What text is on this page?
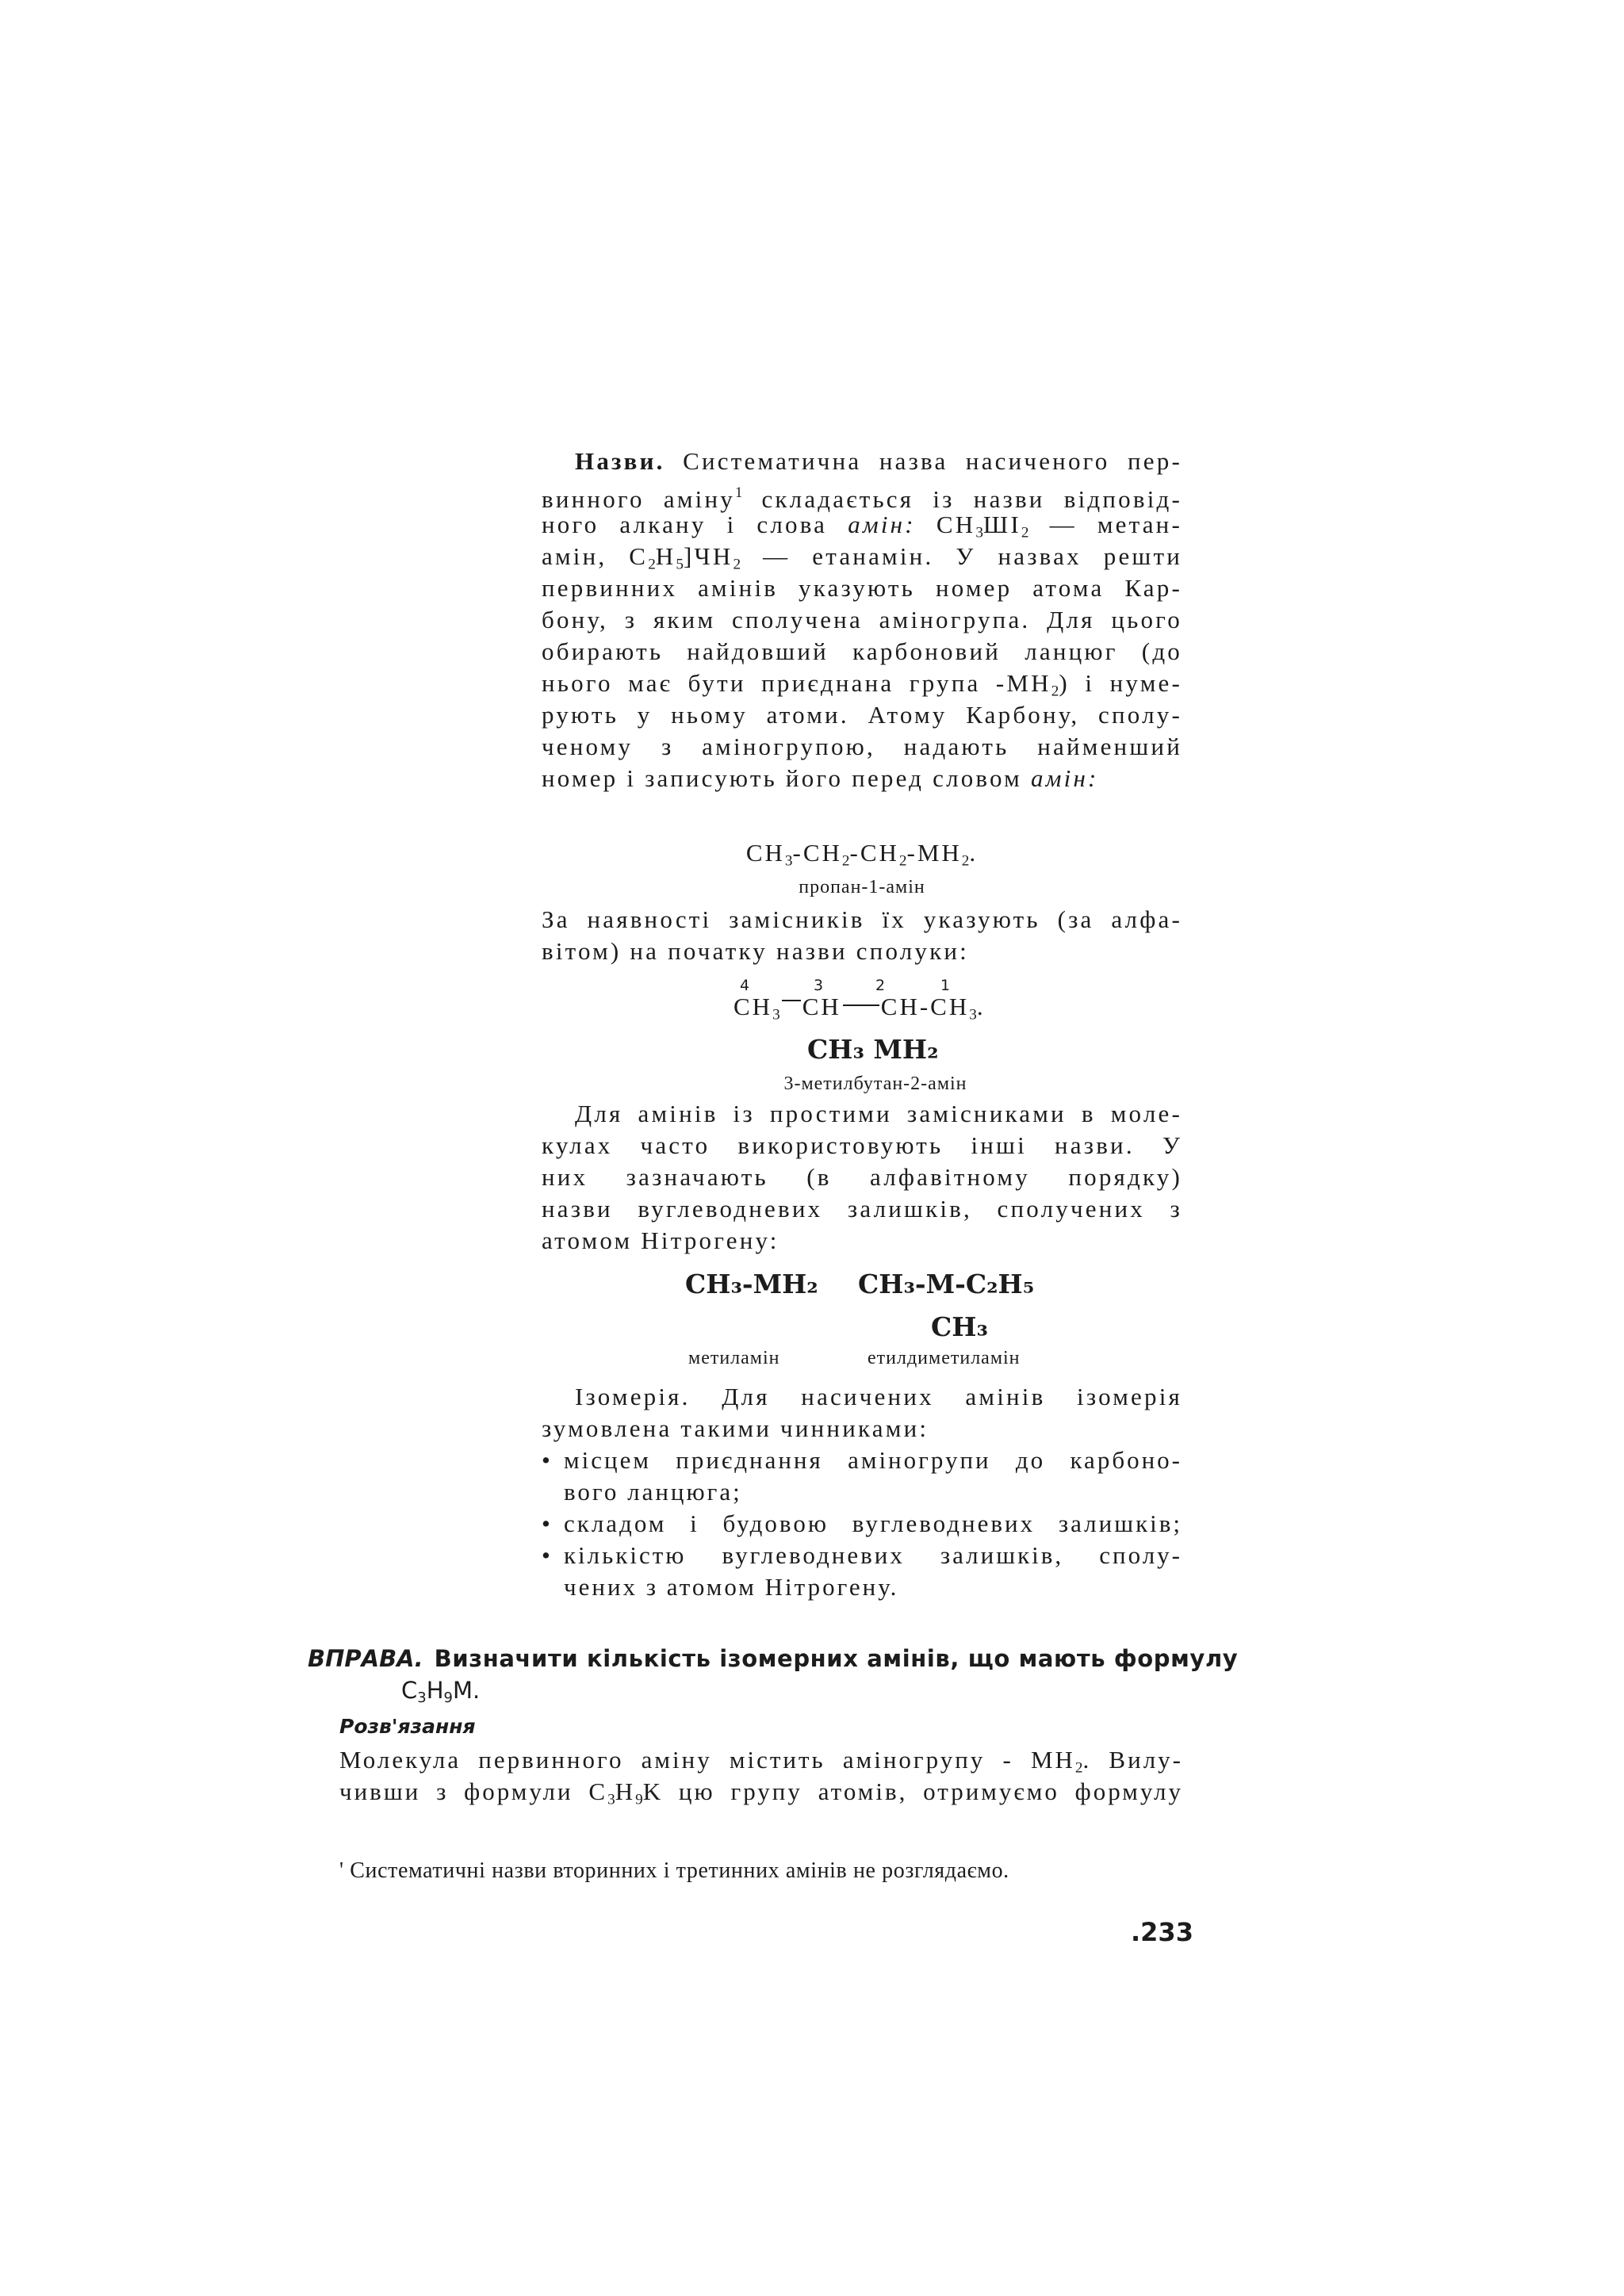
Назви. Систематична назва насиченого пер-
винного аміну$^1$ складається із назви відповід-
ного алкану і слова амін: $CH_3ШI_2$ — метан-
амін, $C_2H_5]ЧH_2$ — етанамін. У назвах решти
первинних амінів указують номер атома Кар-
бону, з яким сполучена аміногрупа. Для цього
обирають найдовший карбоновий ланцюг (до
нього має бути приєднана група $-MH_2$) і нуме-
рують у ньому атоми. Атому Карбону, сполу-
ченому з аміногрупою, надають найменший
номер і записують його перед словом амін:
$CH_3-CH_2-CH_2-MH_2$.
пропан-1-амін
За наявності замісників їх указують (за алфа-
вітом) на початку назви сполуки:
4	3	2	1
$CH_3$ CH $CH-CH_3$.
CH₃ MH₂
3-метилбутан-2-амін
Для амінів із простими замісниками в моле-
кулах часто використовують інші назви. У
них зазначають (в алфавітному порядку)
назви вуглеводневих залишків, сполучених з
атомом Нітрогену:
CH₃-MH₂ CH₃-M-C₂H₅
CH₃
метиламін	етилдиметиламін
Ізомерія. Для насичених амінів ізомерія
зумовлена такими чинниками:
• місцем приєднання аміногрупи до карбоно-
вого ланцюга;
• складом і будовою вуглеводневих залишків;
• кількістю вуглеводневих залишків, сполу-
чених з атомом Нітрогену.
ВПРАВА. Визначити кількість ізомерних амінів, що мають формулу
$C_3H_9M$.
Розв'язання
Молекула первинного аміну містить аміногрупу - $MH_2$. Вилу-
чивши з формули $C_3H_9K$ цю групу атомів, отримуємо формулу
' Систематичні назви вторинних і третинних амінів не розглядаємо.
.233
